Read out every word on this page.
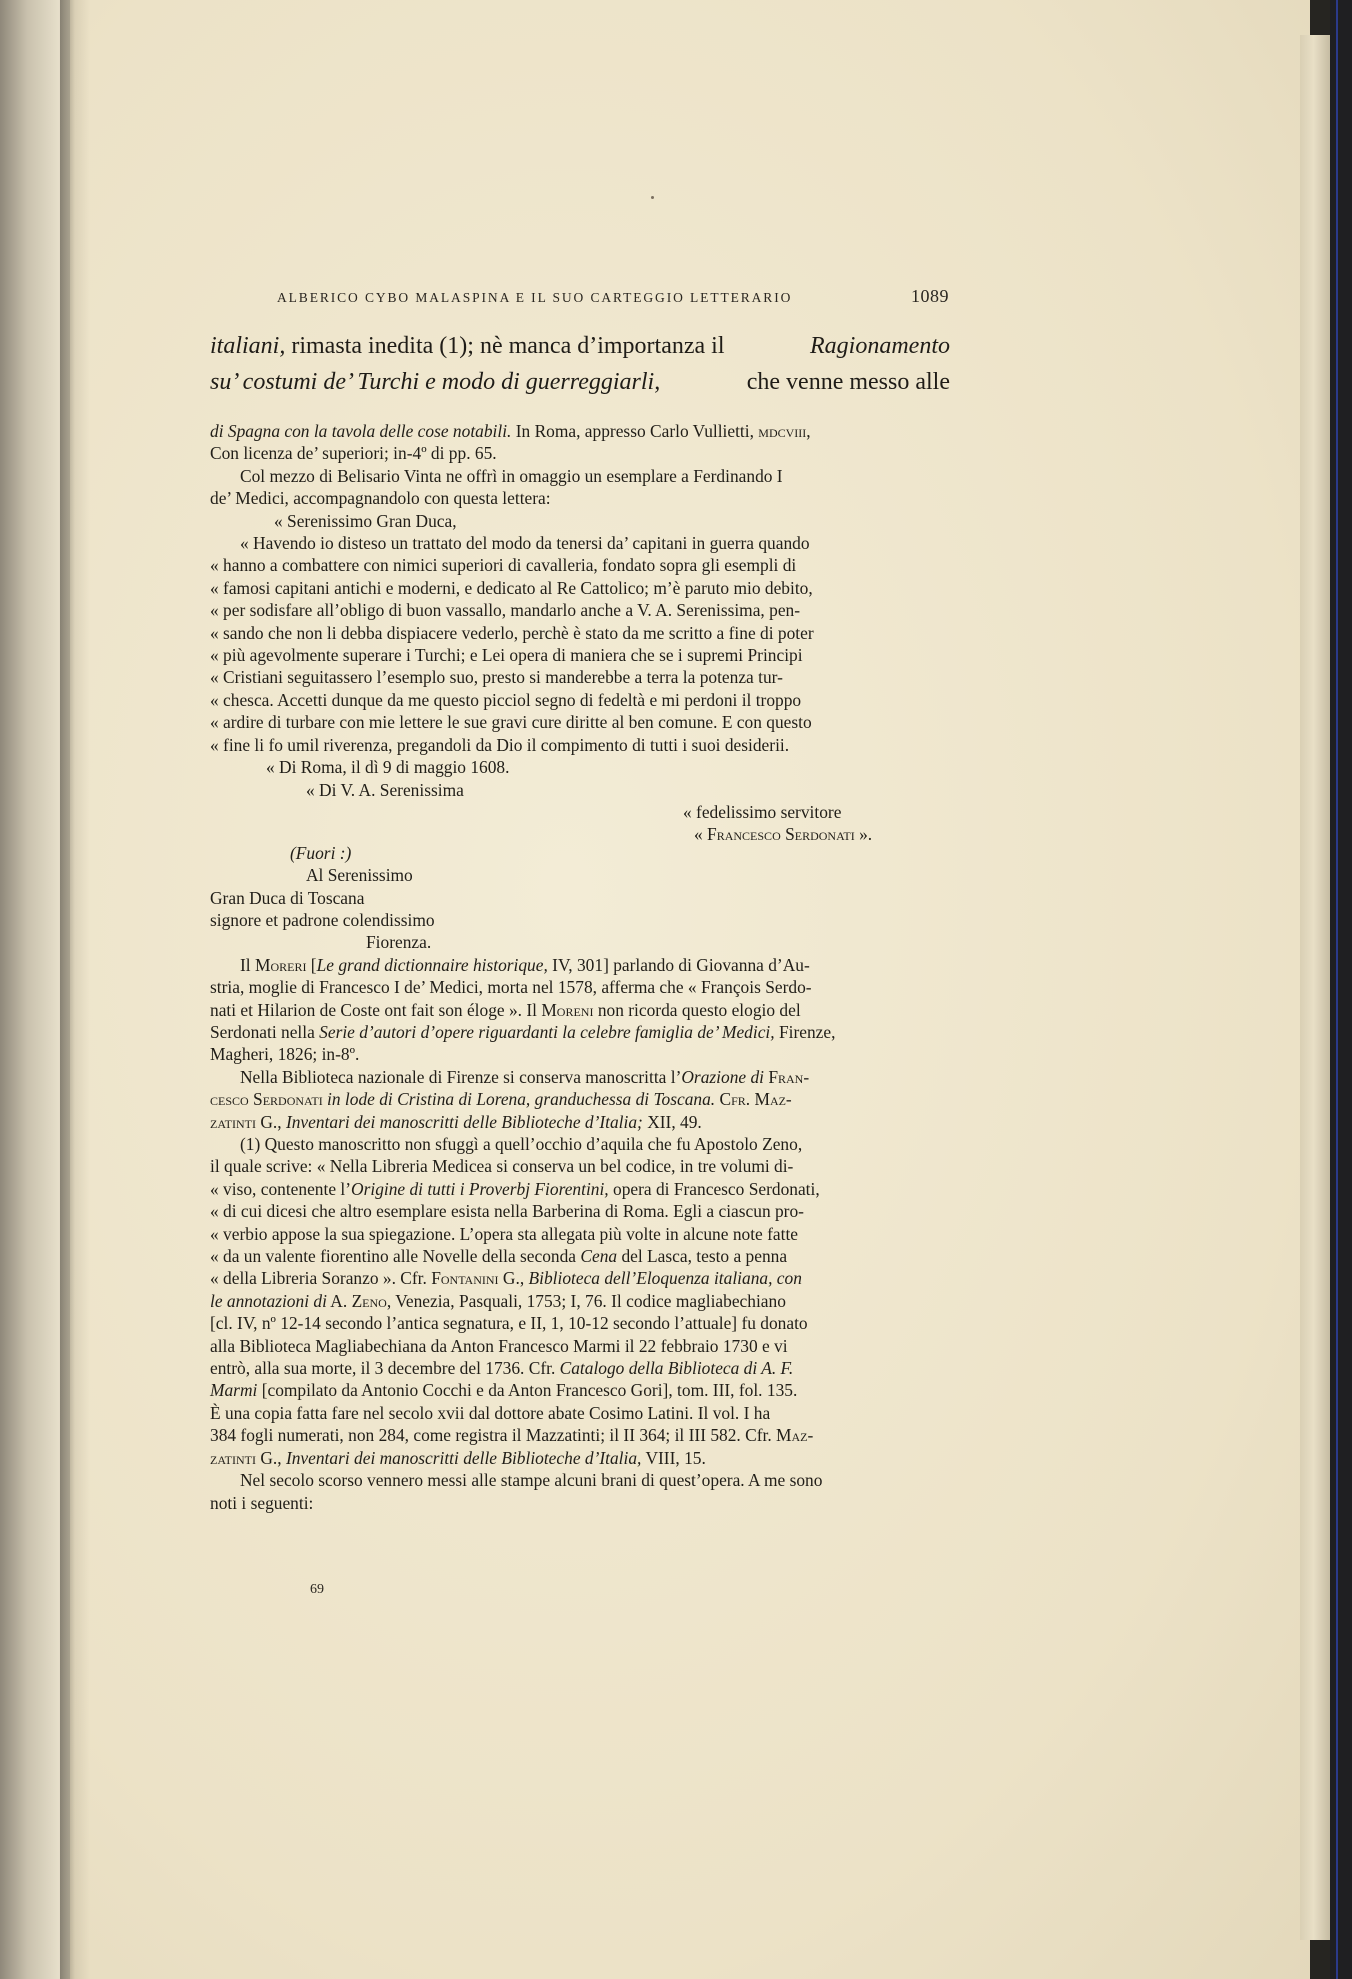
ALBERICO CYBO MALASPINA E IL SUO CARTEGGIO LETTERARIO	1089
italiani, rimasta inedita (1); nè manca d’importanza il	Ragionamento
su’ costumi de’ Turchi e modo di guerreggiarli,	che venne messo alle
di Spagna con la tavola delle cose notabili. In Roma, appresso Carlo Vullietti, mdcviii,
Con licenza de’ superiori; in-4º di pp. 65.
Col mezzo di Belisario Vinta ne offrì in omaggio un esemplare a Ferdinando I
de’ Medici, accompagnandolo con questa lettera:
« Serenissimo Gran Duca,
« Havendo io disteso un trattato del modo da tenersi da’ capitani in guerra quando
« hanno a combattere con nimici superiori di cavalleria, fondato sopra gli esempli di
« famosi capitani antichi e moderni, e dedicato al Re Cattolico; m’è paruto mio debito,
« per sodisfare all’obligo di buon vassallo, mandarlo anche a V. A. Serenissima, pen-
« sando che non li debba dispiacere vederlo, perchè è stato da me scritto a fine di poter
« più agevolmente superare i Turchi; e Lei opera di maniera che se i supremi Principi
« Cristiani seguitassero l’esemplo suo, presto si manderebbe a terra la potenza tur-
« chesca. Accetti dunque da me questo picciol segno di fedeltà e mi perdoni il troppo
« ardire di turbare con mie lettere le sue gravi cure diritte al ben comune. E con questo
« fine li fo umil riverenza, pregandoli da Dio il compimento di tutti i suoi desiderii.
« Di Roma, il dì 9 di maggio 1608.
« Di V. A. Serenissima
« fedelissimo servitore
« Francesco Serdonati ».
(Fuori :)
Al Serenissimo
Gran Duca di Toscana
signore et padrone colendissimo
Fiorenza.
Il Moreri [Le grand dictionnaire historique, IV, 301] parlando di Giovanna d’Au-
stria, moglie di Francesco I de’ Medici, morta nel 1578, afferma che « François Serdo-
nati et Hilarion de Coste ont fait son éloge ». Il Moreni non ricorda questo elogio del
Serdonati nella Serie d’autori d’opere riguardanti la celebre famiglia de’ Medici, Firenze,
Magheri, 1826; in-8º.
Nella Biblioteca nazionale di Firenze si conserva manoscritta l’Orazione di Fran-
cesco Serdonati in lode di Cristina di Lorena, granduchessa di Toscana. Cfr. Maz-
zatinti G., Inventari dei manoscritti delle Biblioteche d’Italia; XII, 49.
(1) Questo manoscritto non sfuggì a quell’occhio d’aquila che fu Apostolo Zeno,
il quale scrive: « Nella Libreria Medicea si conserva un bel codice, in tre volumi di-
« viso, contenente l’Origine di tutti i Proverbj Fiorentini, opera di Francesco Serdonati,
« di cui dicesi che altro esemplare esista nella Barberina di Roma. Egli a ciascun pro-
« verbio appose la sua spiegazione. L’opera sta allegata più volte in alcune note fatte
« da un valente fiorentino alle Novelle della seconda Cena del Lasca, testo a penna
« della Libreria Soranzo ». Cfr. Fontanini G., Biblioteca dell’Eloquenza italiana, con
le annotazioni di A. Zeno, Venezia, Pasquali, 1753; I, 76. Il codice magliabechiano
[cl. IV, nº 12-14 secondo l’antica segnatura, e II, 1, 10-12 secondo l’attuale] fu donato
alla Biblioteca Magliabechiana da Anton Francesco Marmi il 22 febbraio 1730 e vi
entrò, alla sua morte, il 3 decembre del 1736. Cfr. Catalogo della Biblioteca di A. F.
Marmi [compilato da Antonio Cocchi e da Anton Francesco Gori], tom. III, fol. 135.
È una copia fatta fare nel secolo xvii dal dottore abate Cosimo Latini. Il vol. I ha
384 fogli numerati, non 284, come registra il Mazzatinti; il II 364; il III 582. Cfr. Maz-
zatinti G., Inventari dei manoscritti delle Biblioteche d’Italia, VIII, 15.
Nel secolo scorso vennero messi alle stampe alcuni brani di quest’opera. A me sono
noti i seguenti:
69
